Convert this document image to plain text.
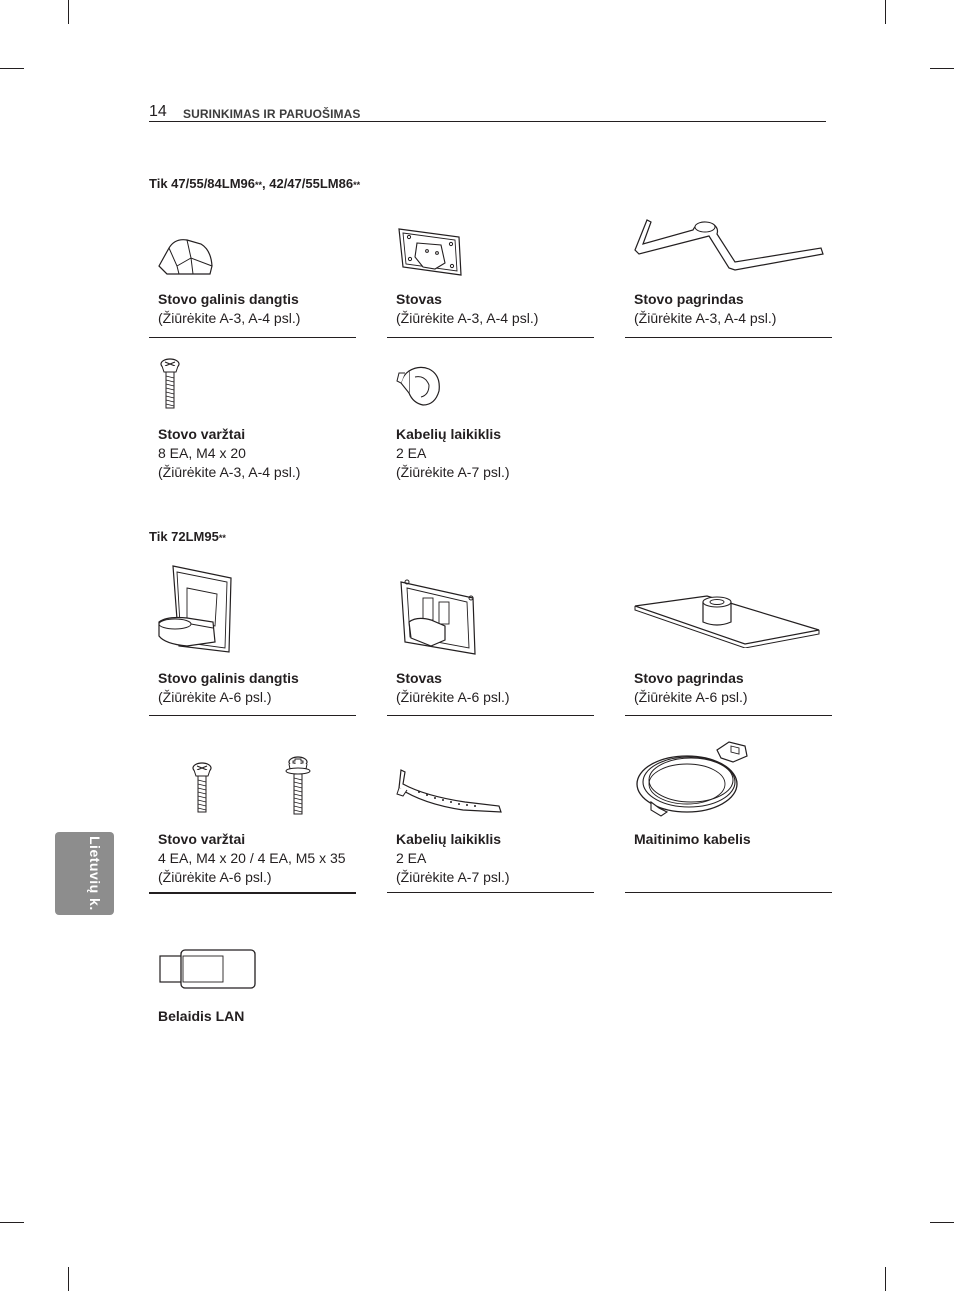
14 SURINKIMAS IR PARUOŠIMAS
Tik 47/55/84LM96**, 42/47/55LM86**
Stovo galinis dangtis
(Žiūrėkite A-3, A-4 psl.)
Stovas
(Žiūrėkite A-3, A-4 psl.)
Stovo pagrindas
(Žiūrėkite A-3, A-4 psl.)
Stovo varžtai
8 EA, M4 x 20
(Žiūrėkite A-3, A-4 psl.)
Kabelių laikiklis
2 EA
(Žiūrėkite A-7 psl.)
Tik 72LM95**
Stovo galinis dangtis
(Žiūrėkite A-6 psl.)
Stovas
(Žiūrėkite A-6 psl.)
Stovo pagrindas
(Žiūrėkite A-6 psl.)
Stovo varžtai
4 EA, M4 x 20 / 4 EA, M5 x 35
(Žiūrėkite A-6 psl.)
Kabelių laikiklis
2 EA
(Žiūrėkite A-7 psl.)
Maitinimo kabelis
Belaidis LAN
Lietuvių k.
